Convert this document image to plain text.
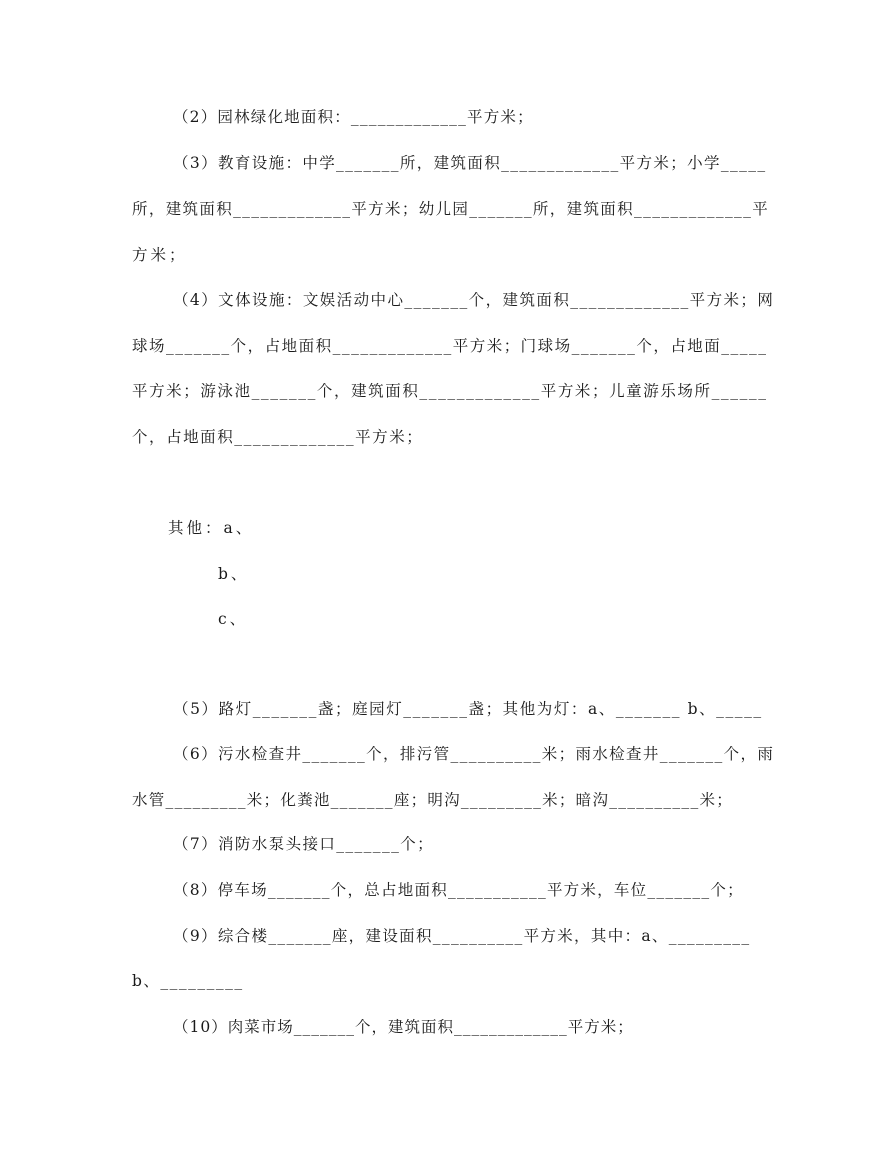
（2）园林绿化地面积：_____________平方米；
（3）教育设施：中学_______所，建筑面积_____________平方米；小学_____
所，建筑面积_____________平方米；幼儿园_______所，建筑面积_____________平
方米；
（4）文体设施：文娱活动中心_______个，建筑面积_____________平方米；网
球场_______个，占地面积_____________平方米；门球场_______个，占地面_____
平方米；游泳池_______个，建筑面积_____________平方米；儿童游乐场所______
个，占地面积_____________平方米；
其他：a、
b、
c、
（5）路灯_______盏；庭园灯_______盏；其他为灯：a、_______ b、_____
（6）污水检查井_______个，排污管__________米；雨水检查井_______个，雨
水管_________米；化粪池_______座；明沟_________米；暗沟__________米；
（7）消防水泵头接口_______个；
（8）停车场_______个，总占地面积___________平方米，车位_______个；
（9）综合楼_______座，建设面积__________平方米，其中：a、_________
b、_________
（10）肉菜市场_______个，建筑面积_____________平方米；
